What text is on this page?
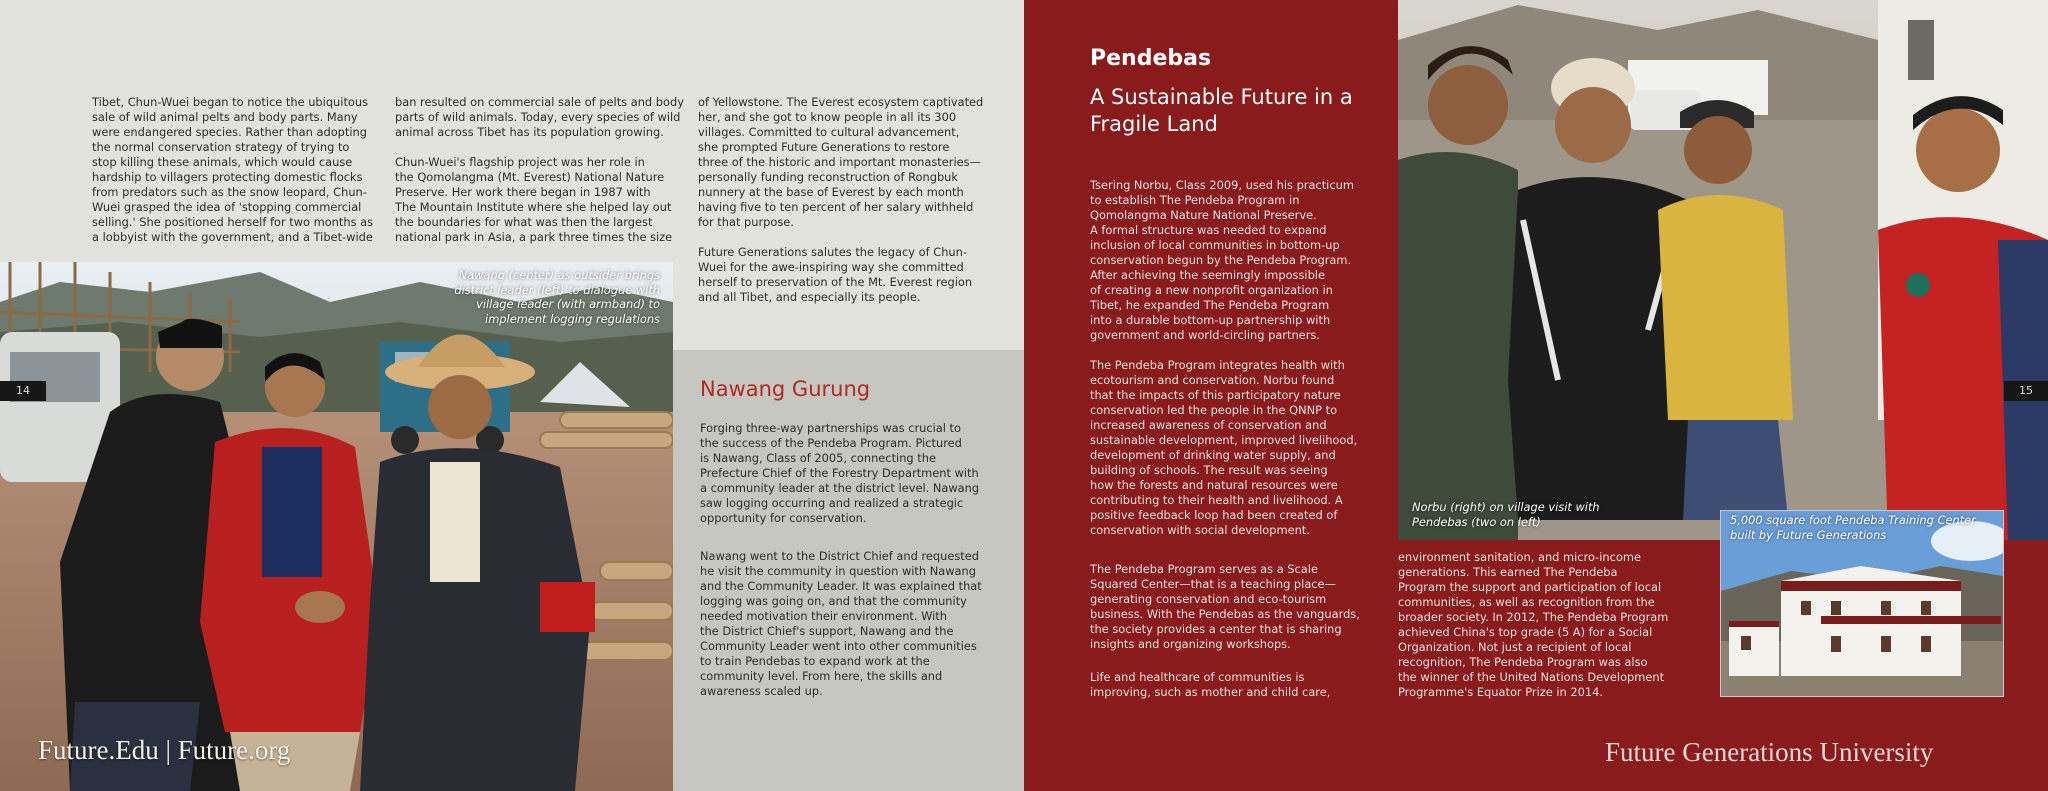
Tibet, Chun-Wuei began to notice the ubiquitous
sale of wild animal pelts and body parts. Many
were endangered species. Rather than adopting
the normal conservation strategy of trying to
stop killing these animals, which would cause
hardship to villagers protecting domestic flocks
from predators such as the snow leopard, Chun-
Wuei grasped the idea of 'stopping commercial
selling.' She positioned herself for two months as
a lobbyist with the government, and a Tibet-wide
ban resulted on commercial sale of pelts and body
parts of wild animals. Today, every species of wild
animal across Tibet has its population growing.

Chun-Wuei's flagship project was her role in
the Qomolangma (Mt. Everest) National Nature
Preserve. Her work there began in 1987 with
The Mountain Institute where she helped lay out
the boundaries for what was then the largest
national park in Asia, a park three times the size
of Yellowstone. The Everest ecosystem captivated
her, and she got to know people in all its 300
villages. Committed to cultural advancement,
she prompted Future Generations to restore
three of the historic and important monasteries—
personally funding reconstruction of Rongbuk
nunnery at the base of Everest by each month
having five to ten percent of her salary withheld
for that purpose.

Future Generations salutes the legacy of Chun-
Wuei for the awe-inspiring way she committed
herself to preservation of the Mt. Everest region
and all Tibet, and especially its people.
Nawang (center) as outsider brings
district leader (left) to dialogue with
village leader (with armband) to
implement logging regulations
14
Future.Edu | Future.org
Nawang Gurung
Forging three-way partnerships was crucial to
the success of the Pendeba Program. Pictured
is Nawang, Class of 2005, connecting the
Prefecture Chief of the Forestry Department with
a community leader at the district level. Nawang
saw logging occurring and realized a strategic
opportunity for conservation.
Nawang went to the District Chief and requested
he visit the community in question with Nawang
and the Community Leader. It was explained that
logging was going on, and that the community
needed motivation their environment. With
the District Chief's support, Nawang and the
Community Leader went into other communities
to train Pendebas to expand work at the
community level. From here, the skills and
awareness scaled up.
Pendebas
A Sustainable Future in a
Fragile Land
Tsering Norbu, Class 2009, used his practicum
to establish The Pendeba Program in
Qomolangma Nature National Preserve.
A formal structure was needed to expand
inclusion of local communities in bottom-up
conservation begun by the Pendeba Program.
After achieving the seemingly impossible
of creating a new nonprofit organization in
Tibet, he expanded The Pendeba Program
into a durable bottom-up partnership with
government and world-circling partners.
The Pendeba Program integrates health with
ecotourism and conservation. Norbu found
that the impacts of this participatory nature
conservation led the people in the QNNP to
increased awareness of conservation and
sustainable development, improved livelihood,
development of drinking water supply, and
building of schools. The result was seeing
how the forests and natural resources were
contributing to their health and livelihood. A
positive feedback loop had been created of
conservation with social development.
The Pendeba Program serves as a Scale
Squared Center—that is a teaching place—
generating conservation and eco-tourism
business. With the Pendebas as the vanguards,
the society provides a center that is sharing
insights and organizing workshops.
Life and healthcare of communities is
improving, such as mother and child care,
Norbu (right) on village visit with
Pendebas (two on left)
environment sanitation, and micro-income
generations. This earned The Pendeba
Program the support and participation of local
communities, as well as recognition from the
broader society. In 2012, The Pendeba Program
achieved China's top grade (5 A) for a Social
Organization. Not just a recipient of local
recognition, The Pendeba Program was also
the winner of the United Nations Development
Programme's Equator Prize in 2014.
5,000 square foot Pendeba Training Center
built by Future Generations
15
Future Generations University
